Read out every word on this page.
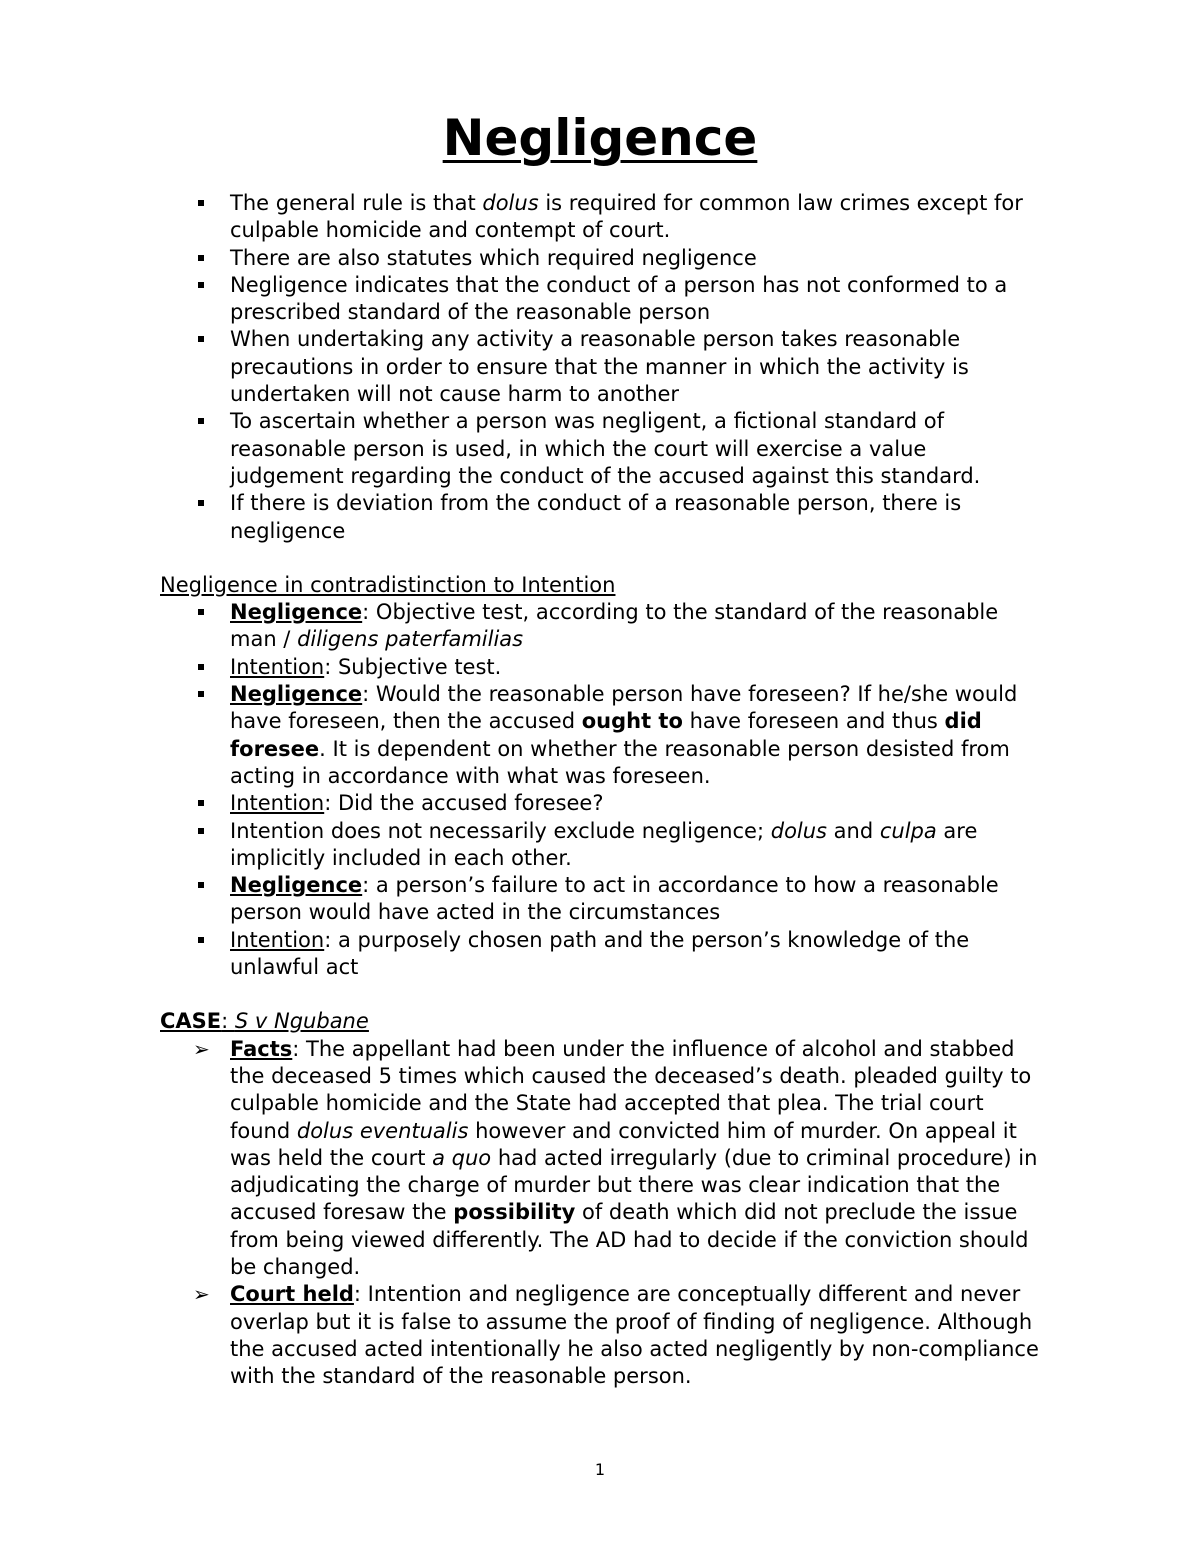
Negligence
The general rule is that dolus is required for common law crimes except for culpable homicide and contempt of court.
There are also statutes which required negligence
Negligence indicates that the conduct of a person has not conformed to a prescribed standard of the reasonable person
When undertaking any activity a reasonable person takes reasonable precautions in order to ensure that the manner in which the activity is undertaken will not cause harm to another
To ascertain whether a person was negligent, a fictional standard of reasonable person is used, in which the court will exercise a value judgement regarding the conduct of the accused against this standard.
If there is deviation from the conduct of a reasonable person, there is negligence
Negligence in contradistinction to Intention
Negligence: Objective test, according to the standard of the reasonable man / diligens paterfamilias
Intention: Subjective test.
Negligence: Would the reasonable person have foreseen? If he/she would have foreseen, then the accused ought to have foreseen and thus did foresee. It is dependent on whether the reasonable person desisted from acting in accordance with what was foreseen.
Intention: Did the accused foresee?
Intention does not necessarily exclude negligence; dolus and culpa are implicitly included in each other.
Negligence: a person’s failure to act in accordance to how a reasonable person would have acted in the circumstances
Intention: a purposely chosen path and the person’s knowledge of the unlawful act
CASE: S v Ngubane
➢ Facts: The appellant had been under the influence of alcohol and stabbed the deceased 5 times which caused the deceased’s death. pleaded guilty to culpable homicide and the State had accepted that plea. The trial court found dolus eventualis however and convicted him of murder. On appeal it was held the court a quo had acted irregularly (due to criminal procedure) in adjudicating the charge of murder but there was clear indication that the accused foresaw the possibility of death which did not preclude the issue from being viewed differently. The AD had to decide if the conviction should be changed.
➢ Court held: Intention and negligence are conceptually different and never overlap but it is false to assume the proof of finding of negligence. Although the accused acted intentionally he also acted negligently by non-compliance with the standard of the reasonable person.
1
